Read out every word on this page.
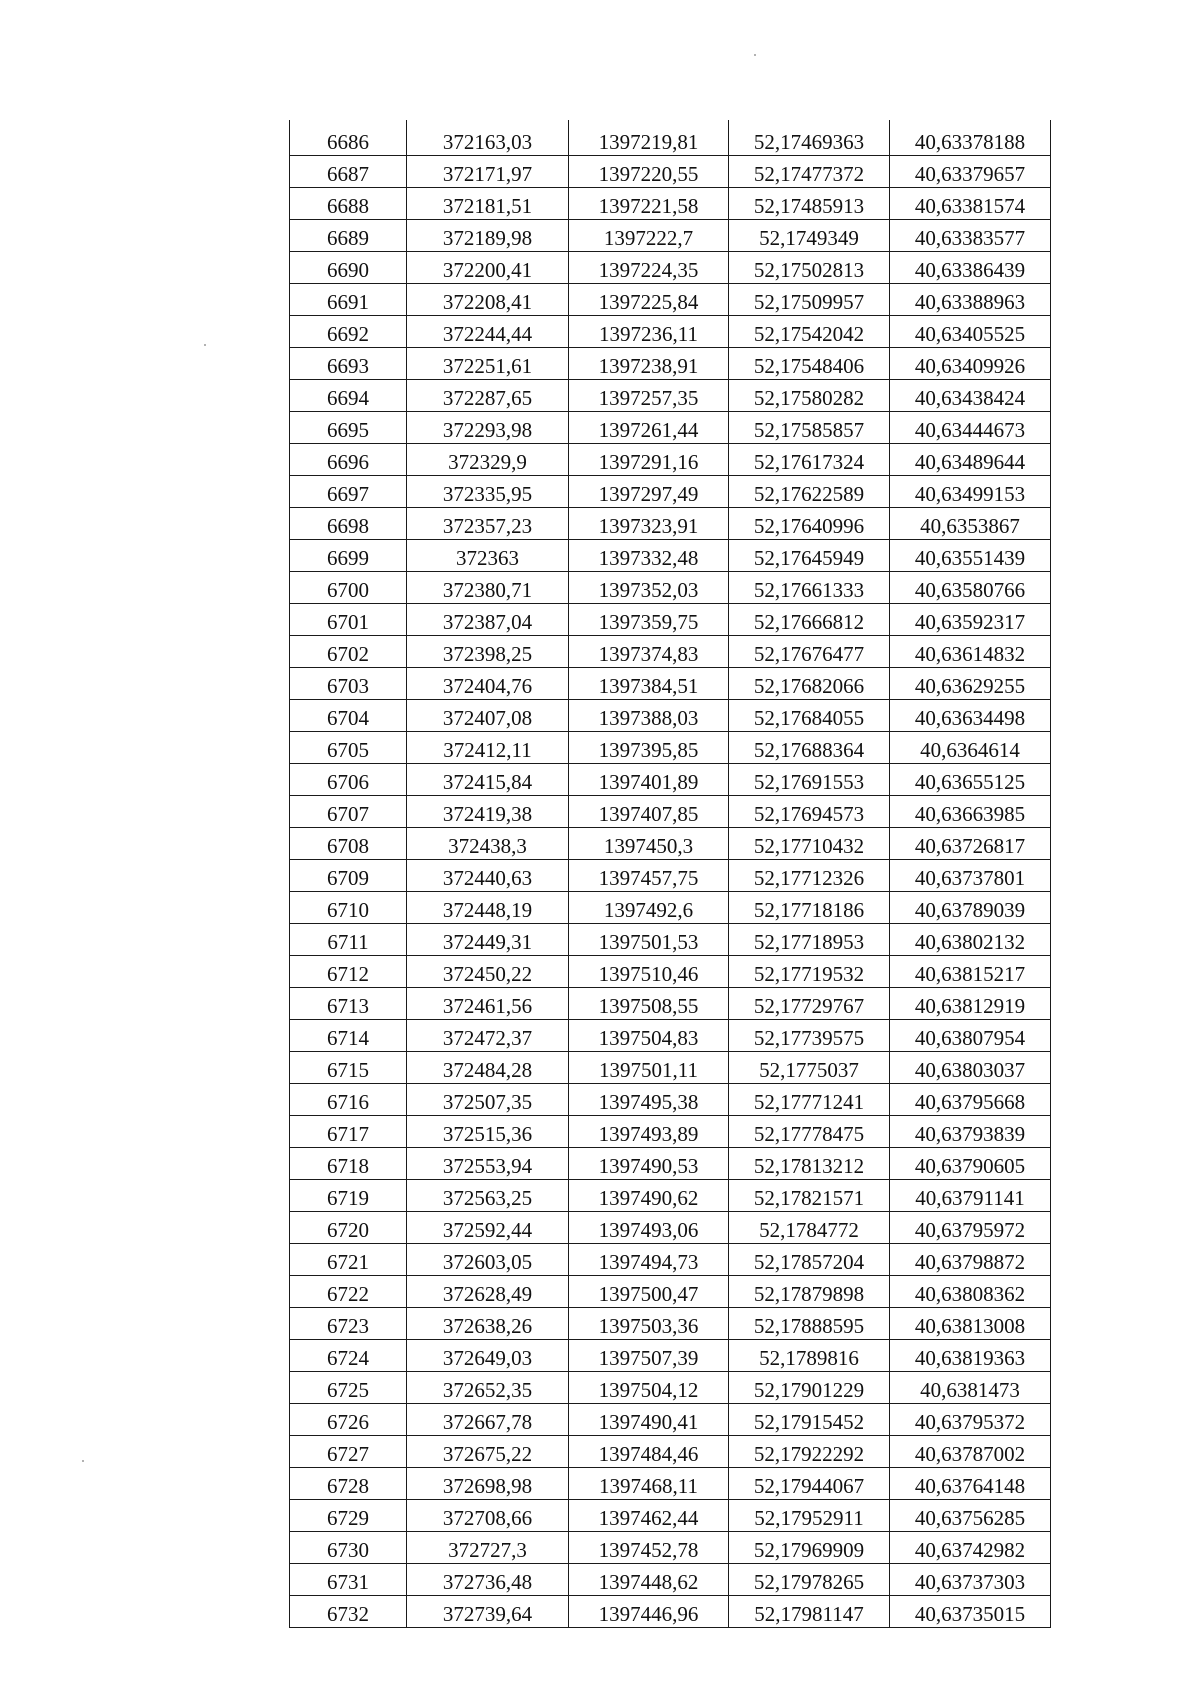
6686	372163,03	1397219,81	52,17469363	40,63378188
6687	372171,97	1397220,55	52,17477372	40,63379657
6688	372181,51	1397221,58	52,17485913	40,63381574
6689	372189,98	1397222,7	52,1749349	40,63383577
6690	372200,41	1397224,35	52,17502813	40,63386439
6691	372208,41	1397225,84	52,17509957	40,63388963
6692	372244,44	1397236,11	52,17542042	40,63405525
6693	372251,61	1397238,91	52,17548406	40,63409926
6694	372287,65	1397257,35	52,17580282	40,63438424
6695	372293,98	1397261,44	52,17585857	40,63444673
6696	372329,9	1397291,16	52,17617324	40,63489644
6697	372335,95	1397297,49	52,17622589	40,63499153
6698	372357,23	1397323,91	52,17640996	40,6353867
6699	372363	1397332,48	52,17645949	40,63551439
6700	372380,71	1397352,03	52,17661333	40,63580766
6701	372387,04	1397359,75	52,17666812	40,63592317
6702	372398,25	1397374,83	52,17676477	40,63614832
6703	372404,76	1397384,51	52,17682066	40,63629255
6704	372407,08	1397388,03	52,17684055	40,63634498
6705	372412,11	1397395,85	52,17688364	40,6364614
6706	372415,84	1397401,89	52,17691553	40,63655125
6707	372419,38	1397407,85	52,17694573	40,63663985
6708	372438,3	1397450,3	52,17710432	40,63726817
6709	372440,63	1397457,75	52,17712326	40,63737801
6710	372448,19	1397492,6	52,17718186	40,63789039
6711	372449,31	1397501,53	52,17718953	40,63802132
6712	372450,22	1397510,46	52,17719532	40,63815217
6713	372461,56	1397508,55	52,17729767	40,63812919
6714	372472,37	1397504,83	52,17739575	40,63807954
6715	372484,28	1397501,11	52,1775037	40,63803037
6716	372507,35	1397495,38	52,17771241	40,63795668
6717	372515,36	1397493,89	52,17778475	40,63793839
6718	372553,94	1397490,53	52,17813212	40,63790605
6719	372563,25	1397490,62	52,17821571	40,63791141
6720	372592,44	1397493,06	52,1784772	40,63795972
6721	372603,05	1397494,73	52,17857204	40,63798872
6722	372628,49	1397500,47	52,17879898	40,63808362
6723	372638,26	1397503,36	52,17888595	40,63813008
6724	372649,03	1397507,39	52,1789816	40,63819363
6725	372652,35	1397504,12	52,17901229	40,6381473
6726	372667,78	1397490,41	52,17915452	40,63795372
6727	372675,22	1397484,46	52,17922292	40,63787002
6728	372698,98	1397468,11	52,17944067	40,63764148
6729	372708,66	1397462,44	52,17952911	40,63756285
6730	372727,3	1397452,78	52,17969909	40,63742982
6731	372736,48	1397448,62	52,17978265	40,63737303
6732	372739,64	1397446,96	52,17981147	40,63735015
